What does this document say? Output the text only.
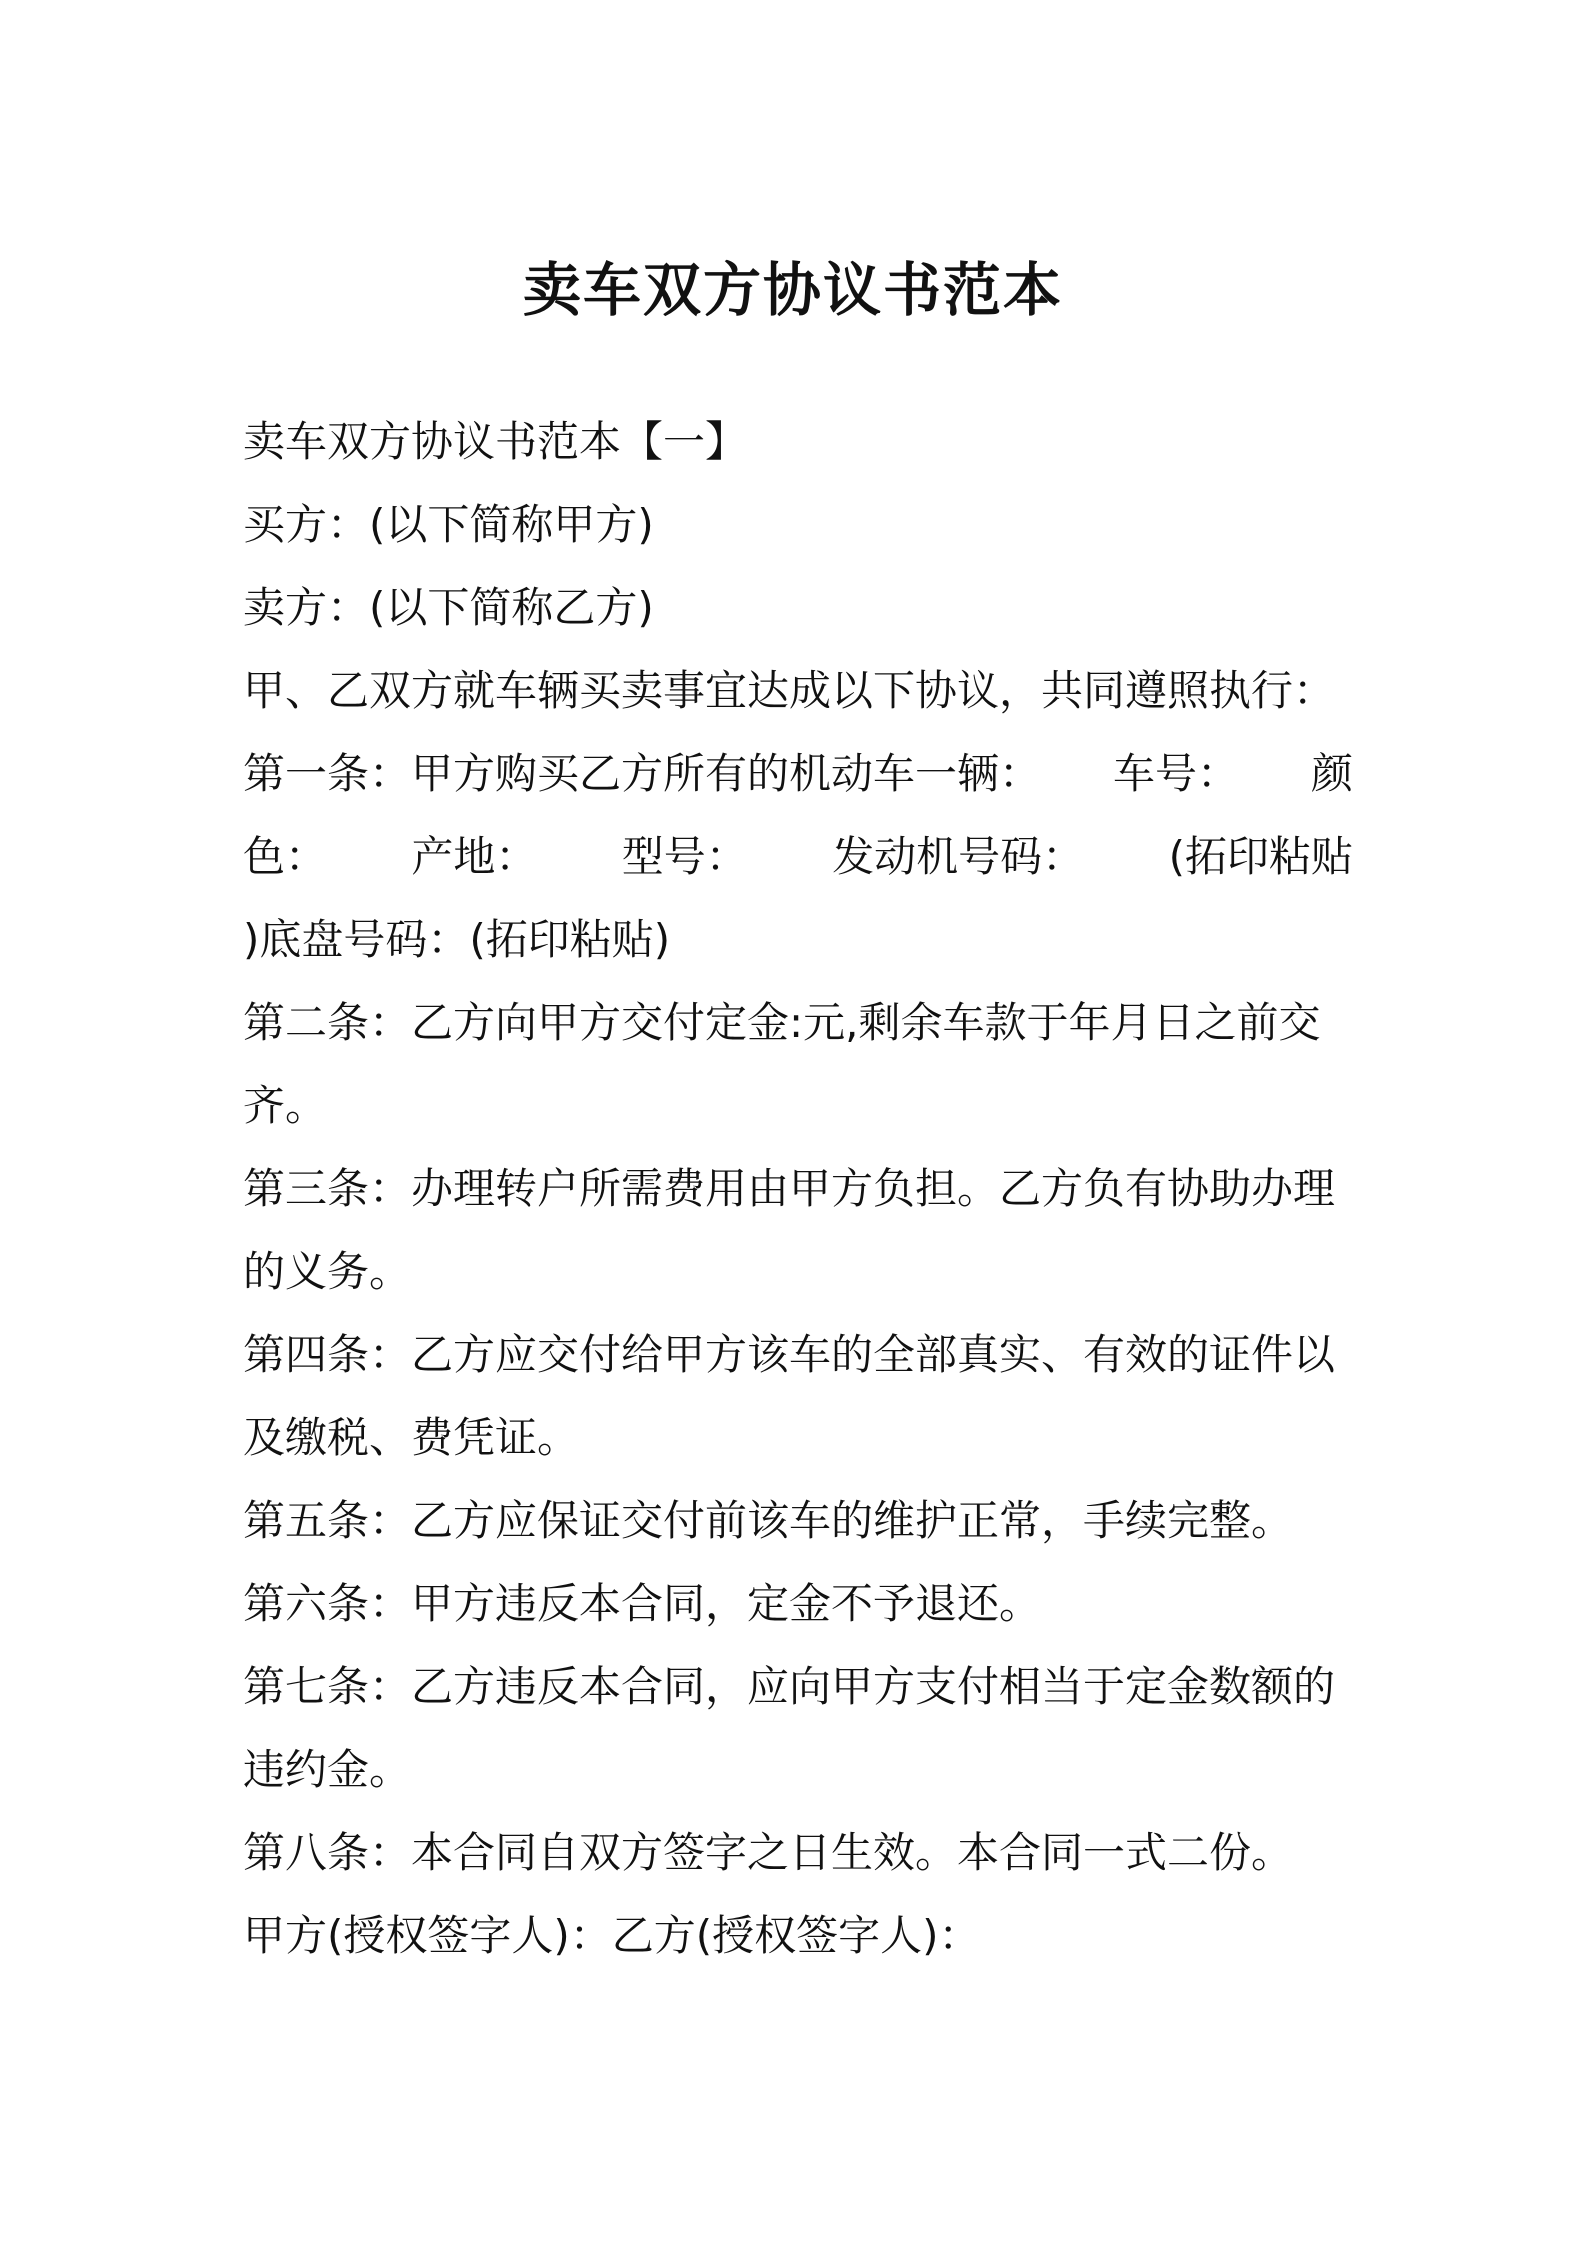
卖车双方协议书范本
卖车双方协议书范本【一】
买方：(以下简称甲方)
卖方：(以下简称乙方)
甲、乙双方就车辆买卖事宜达成以下协议，共同遵照执行：
第一条：甲方购买乙方所有的机动车一辆： 车号： 颜
色： 产地： 型号： 发动机号码： (拓印粘贴
)底盘号码：(拓印粘贴)
第二条：乙方向甲方交付定金:元,剩余车款于年月日之前交
齐。
第三条：办理转户所需费用由甲方负担。乙方负有协助办理
的义务。
第四条：乙方应交付给甲方该车的全部真实、有效的证件以
及缴税、费凭证。
第五条：乙方应保证交付前该车的维护正常，手续完整。
第六条：甲方违反本合同，定金不予退还。
第七条：乙方违反本合同，应向甲方支付相当于定金数额的
违约金。
第八条：本合同自双方签字之日生效。本合同一式二份。
甲方(授权签字人)：乙方(授权签字人)：
